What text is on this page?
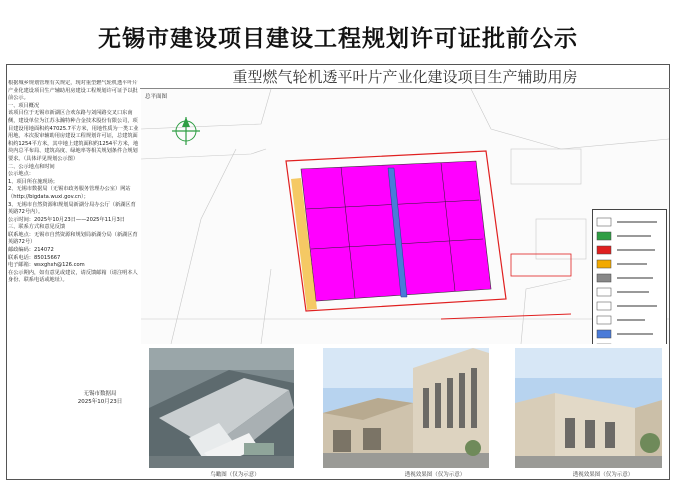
无锡市建设项目建设工程规划许可证批前公示
重型燃气轮机透平叶片产业化建设项目生产辅助用房

根据城乡规划管理有关规定，现对重型燃气轮机透平叶片产业化建设项目生产辅助用房建设工程规划许可证予以批前公示。

一、项目概况

该项目位于无锡市新湖区合欢东路与刘闯路交叉口东南侧，建设单位为江苏永瀚特种合金技术股份有限公司，项目建设用地面积约47025.7平方米，用地性质为一类工业用地，本次报审辅助用房建设工程规划许可证，总建筑面积约1254平方米，其中地上建筑面积约1254平方米，地块内总平布局、建筑高度、绿地率等相关规划条件合规划要求。（具体详见规划公示图）

二、公示地点和时间

公示地点：

1、项目所在施现场；

2、无锡市数据局（无锡市政务服务管理办公室）网站（http://bigdata.wuxi.gov.cn）；

3、无锡市自然资源和规划局新湖分局办公厅（新湖区育英路72号内）。

公示时间：2025年10月23日——2025年11月3日

三、联系方式和意见反馈

联系地点：无锡市自然资源和规划局新湖分局（新湖区育英路72号）

邮政编码：214072

联系电话：85015667

电子邮箱：wsxghxh@126.com

在公示期内，如有意见或建议，请反馈邮箱（请注明本人身份、联系电话或地址）。

无锡市数据局
2025年10月23日
总平面图
鸟瞰图（仅为示意）	透视效果图（仅为示意）	透视效果图（仅为示意）
